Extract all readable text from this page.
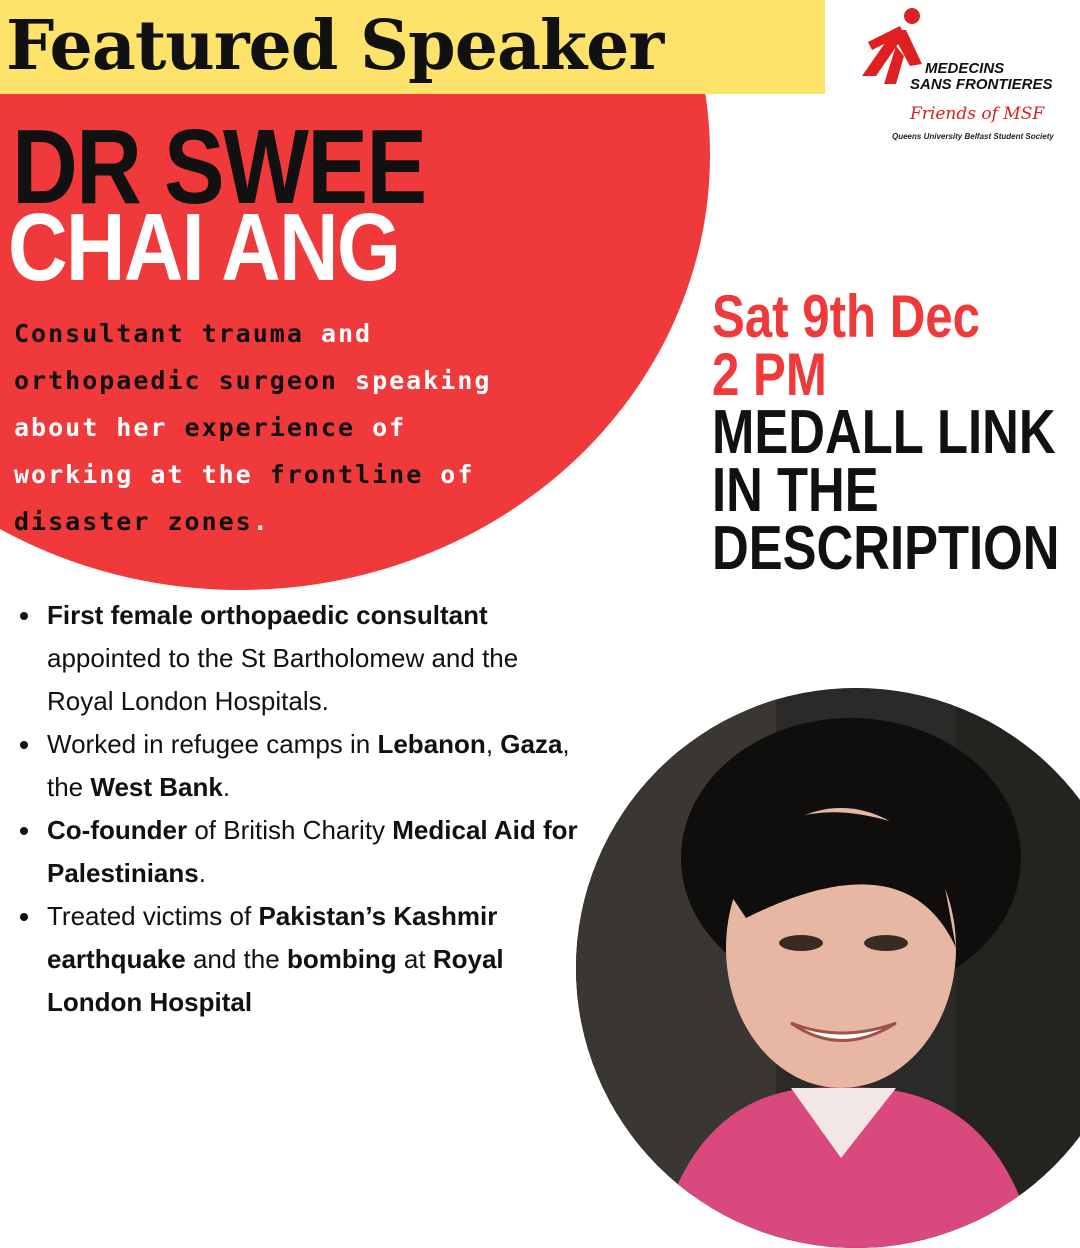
Featured Speaker
DR SWEE
CHAI ANG
Consultant trauma and
orthopaedic surgeon speaking
about her experience of
working at the frontline of
disaster zones.
MEDECINS
SANS FRONTIERES
Friends of MSF
Queens University Belfast Student Society
Sat 9th Dec
2 PM
MEDALL LINK
IN THE
DESCRIPTION
First female orthopaedic consultant appointed to the St Bartholomew and the Royal London Hospitals.
Worked in refugee camps in Lebanon, Gaza, the West Bank.
Co-founder of British Charity Medical Aid for Palestinians.
Treated victims of Pakistan’s Kashmir earthquake and the bombing at Royal London Hospital
